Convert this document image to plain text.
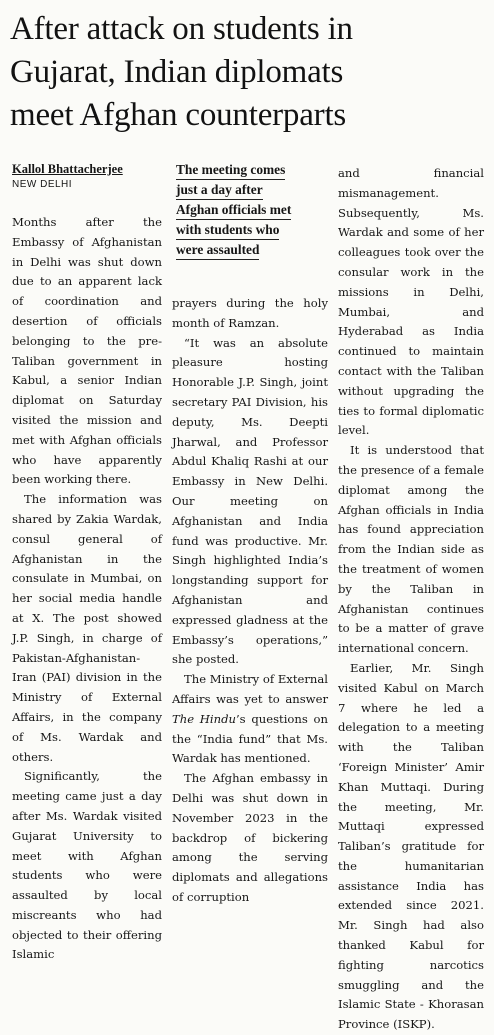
After attack on students in
Gujarat, Indian diplomats
meet Afghan counterparts
Kallol Bhattacherjee
NEW DELHI

Months after the Embassy of Afghanistan in Delhi was shut down due to an apparent lack of coordination and desertion of officials belonging to the pre-Taliban government in Kabul, a senior Indian diplomat on Saturday visited the mission and met with Afghan officials who have apparently been working there.

The information was shared by Zakia Wardak, consul general of Afghanistan in the consulate in Mumbai, on her social media handle at X. The post showed J.P. Singh, in charge of Pakistan-Afghanistan-Iran (PAI) division in the Ministry of External Affairs, in the company of Ms. Wardak and others.

Significantly, the meeting came just a day after Ms. Wardak visited Gujarat University to meet with Afghan students who were assaulted by local miscreants who had objected to their offering Islamic

The meeting comes
just a day after
Afghan officials met
with students who
were assaulted

prayers during the holy month of Ramzan.

“It was an absolute pleasure hosting Honorable J.P. Singh, joint secretary PAI Division, his deputy, Ms. Deepti Jharwal, and Professor Abdul Khaliq Rashi at our Embassy in New Delhi. Our meeting on Afghanistan and India fund was productive. Mr. Singh highlighted India’s longstanding support for Afghanistan and expressed gladness at the Embassy’s operations,” she posted.

The Ministry of External Affairs was yet to answer The Hindu’s questions on the “India fund” that Ms. Wardak has mentioned.

The Afghan embassy in Delhi was shut down in November 2023 in the backdrop of bickering among the serving diplomats and allegations of corruption

and financial mismanagement. Subsequently, Ms. Wardak and some of her colleagues took over the consular work in the missions in Delhi, Mumbai, and Hyderabad as India continued to maintain contact with the Taliban without upgrading the ties to formal diplomatic level.

It is understood that the presence of a female diplomat among the Afghan officials in India has found appreciation from the Indian side as the treatment of women by the Taliban in Afghanistan continues to be a matter of grave international concern.

Earlier, Mr. Singh visited Kabul on March 7 where he led a delegation to a meeting with the Taliban ‘Foreign Minister’ Amir Khan Muttaqi. During the meeting, Mr. Muttaqi expressed Taliban’s gratitude for the humanitarian assistance India has extended since 2021. Mr. Singh had also thanked Kabul for fighting narcotics smuggling and the Islamic State - Khorasan Province (ISKP).
